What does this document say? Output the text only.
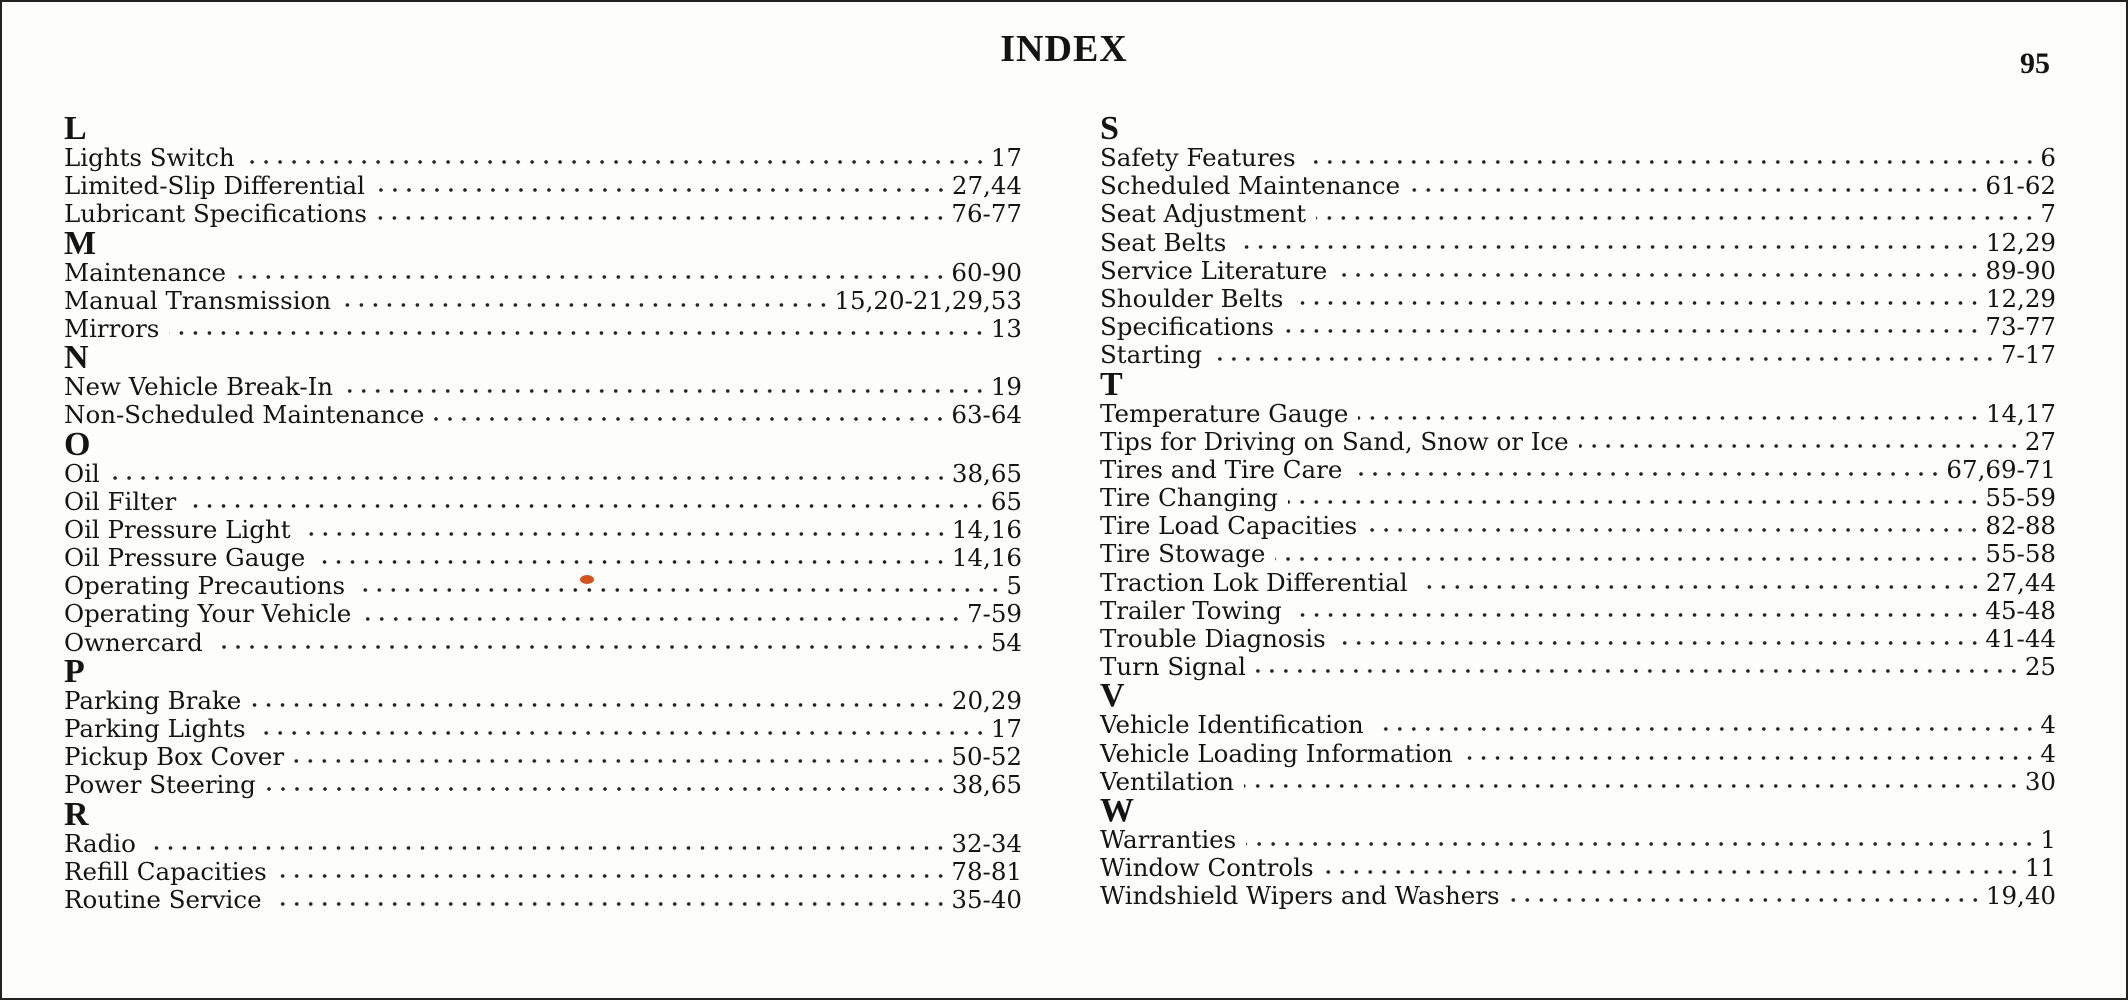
INDEX	95
L
Lights Switch	17
Limited-Slip Differential	27,44
Lubricant Specifications	76-77
M
Maintenance	60-90
Manual Transmission	15,20-21,29,53
Mirrors	13
N
New Vehicle Break-In	19
Non-Scheduled Maintenance	63-64
O
Oil	38,65
Oil Filter	65
Oil Pressure Light	14,16
Oil Pressure Gauge	14,16
Operating Precautions	5
Operating Your Vehicle	7-59
Ownercard	54
P
Parking Brake	20,29
Parking Lights	17
Pickup Box Cover	50-52
Power Steering	38,65
R
Radio	32-34
Refill Capacities	78-81
Routine Service	35-40
S
Safety Features	6
Scheduled Maintenance	61-62
Seat Adjustment	7
Seat Belts	12,29
Service Literature	89-90
Shoulder Belts	12,29
Specifications	73-77
Starting	7-17
T
Temperature Gauge	14,17
Tips for Driving on Sand, Snow or Ice	27
Tires and Tire Care	67,69-71
Tire Changing	55-59
Tire Load Capacities	82-88
Tire Stowage	55-58
Traction Lok Differential	27,44
Trailer Towing	45-48
Trouble Diagnosis	41-44
Turn Signal	25
V
Vehicle Identification	4
Vehicle Loading Information	4
Ventilation	30
W
Warranties	1
Window Controls	11
Windshield Wipers and Washers	19,40
